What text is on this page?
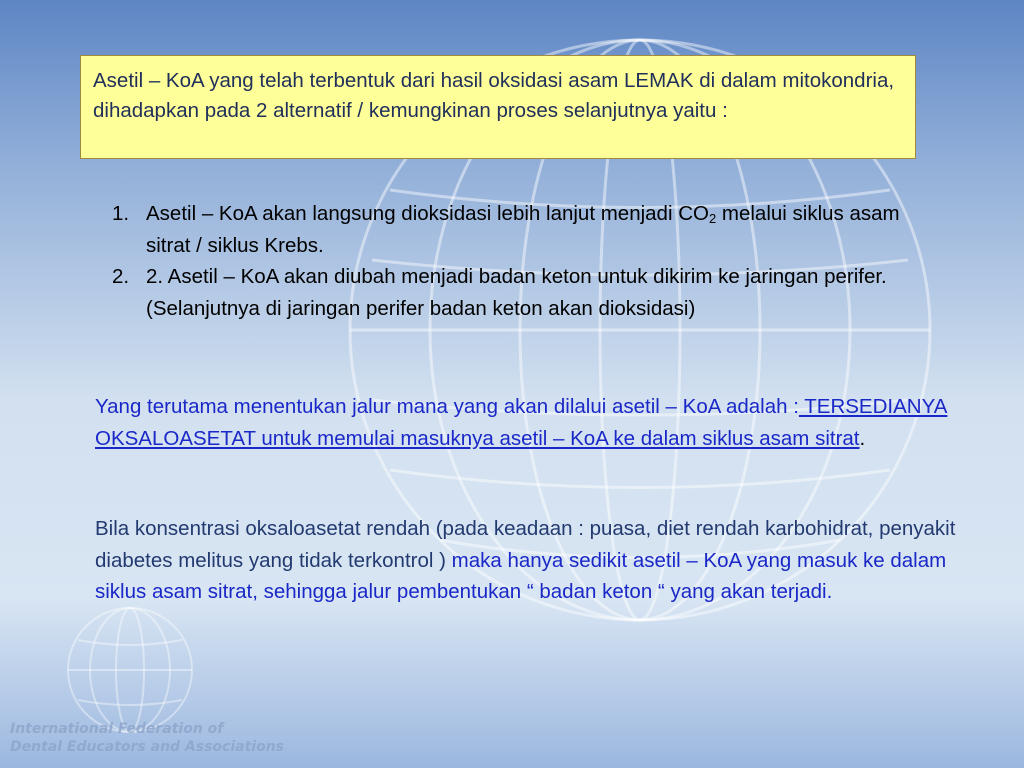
Asetil – KoA yang telah terbentuk dari hasil oksidasi asam LEMAK di dalam mitokondria, dihadapkan pada 2 alternatif / kemungkinan proses selanjutnya yaitu :
1. Asetil – KoA akan langsung dioksidasi lebih lanjut menjadi $CO_2$ melalui siklus asam sitrat / siklus Krebs.
2. 2. Asetil – KoA akan diubah menjadi badan keton untuk dikirim ke jaringan perifer. (Selanjutnya di jaringan perifer badan keton akan dioksidasi)

Yang terutama menentukan jalur mana yang akan dilalui asetil – KoA adalah : TERSEDIANYA OKSALOASETAT untuk memulai masuknya asetil – KoA ke dalam siklus asam sitrat.

Bila konsentrasi oksaloasetat rendah (pada keadaan : puasa, diet rendah karbohidrat, penyakit diabetes melitus yang tidak terkontrol ) maka hanya sedikit asetil – KoA yang masuk ke dalam siklus asam sitrat, sehingga jalur pembentukan “ badan keton “ yang akan terjadi.

International Federation of
Dental Educators and Associations
